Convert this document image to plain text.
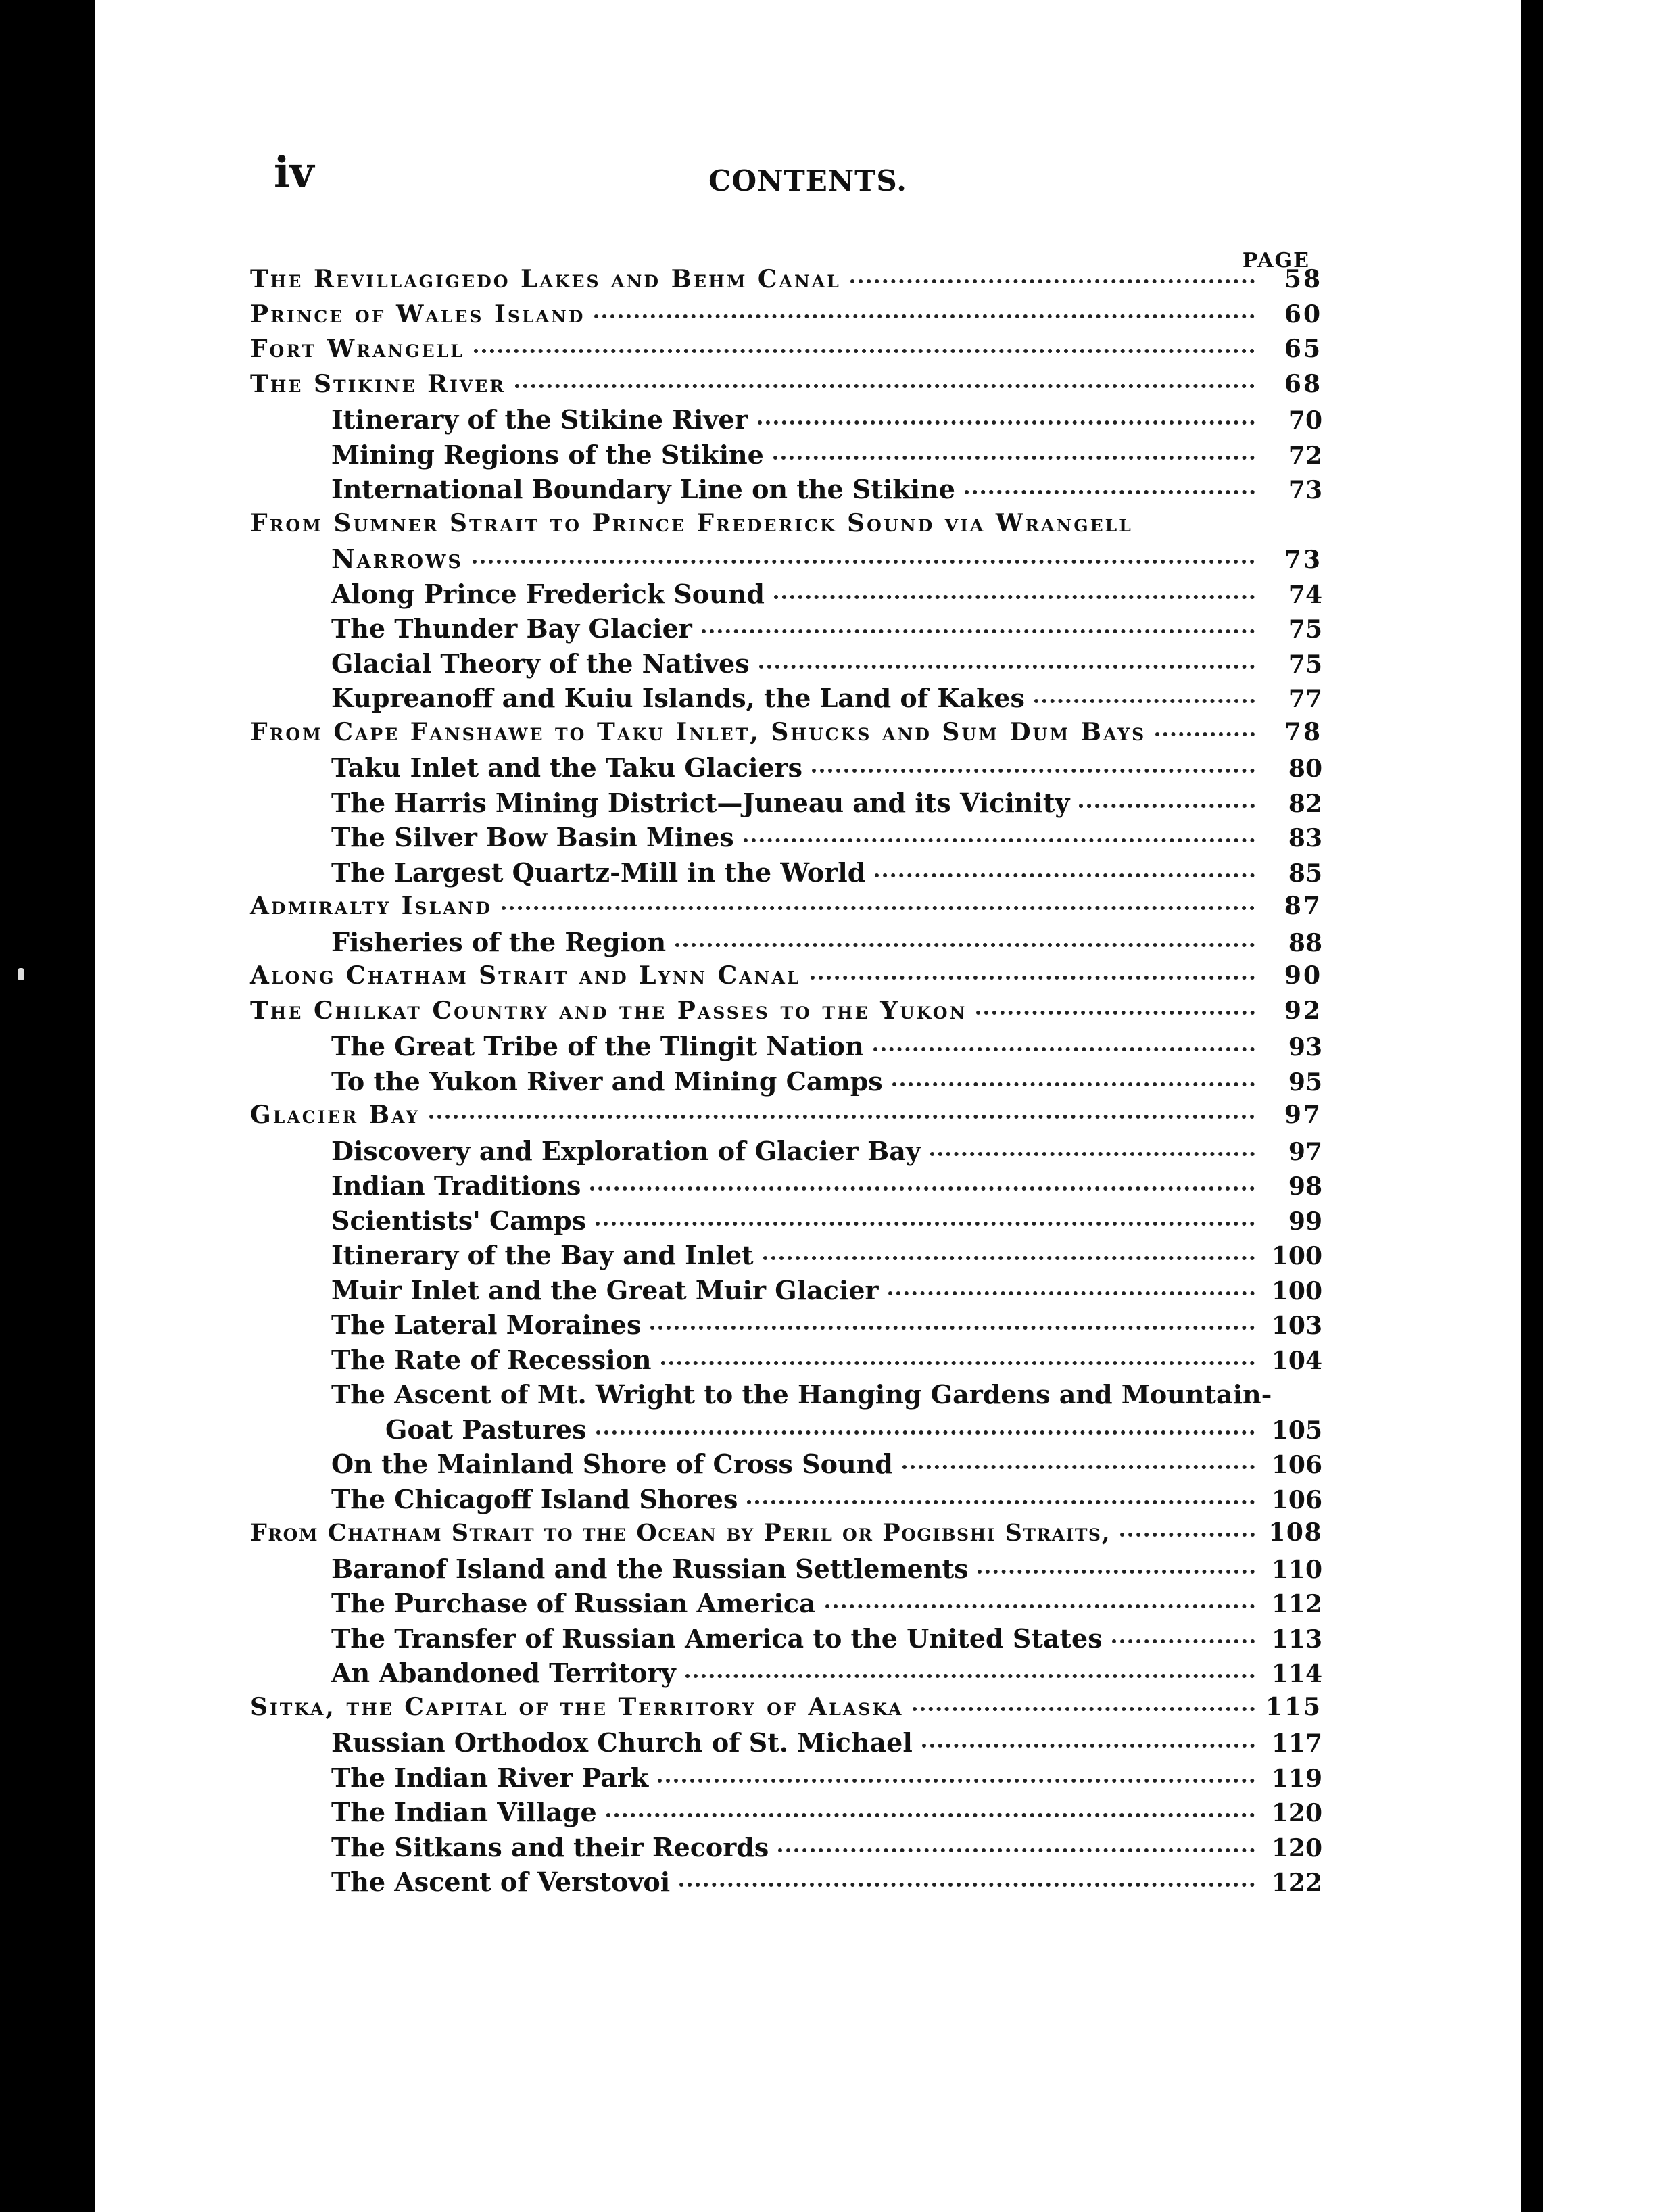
iv	CONTENTS.
PAGE
The Revillagigedo Lakes and Behm Canal	58
Prince of Wales Island	60
Fort Wrangell	65
The Stikine River	68
Itinerary of the Stikine River	70
Mining Regions of the Stikine	72
International Boundary Line on the Stikine	73
From Sumner Strait to Prince Frederick Sound via Wrangell
Narrows	73
Along Prince Frederick Sound	74
The Thunder Bay Glacier	75
Glacial Theory of the Natives	75
Kupreanoff and Kuiu Islands, the Land of Kakes	77
From Cape Fanshawe to Taku Inlet, Shucks and Sum Dum Bays	78
Taku Inlet and the Taku Glaciers	80
The Harris Mining District—Juneau and its Vicinity	82
The Silver Bow Basin Mines	83
The Largest Quartz-Mill in the World	85
Admiralty Island	87
Fisheries of the Region	88
Along Chatham Strait and Lynn Canal	90
The Chilkat Country and the Passes to the Yukon	92
The Great Tribe of the Tlingit Nation	93
To the Yukon River and Mining Camps	95
Glacier Bay	97
Discovery and Exploration of Glacier Bay	97
Indian Traditions	98
Scientists' Camps	99
Itinerary of the Bay and Inlet	100
Muir Inlet and the Great Muir Glacier	100
The Lateral Moraines	103
The Rate of Recession	104
The Ascent of Mt. Wright to the Hanging Gardens and Mountain-
Goat Pastures	105
On the Mainland Shore of Cross Sound	106
The Chicagoff Island Shores	106
From Chatham Strait to the Ocean by Peril or Pogibshi Straits,	108
Baranof Island and the Russian Settlements	110
The Purchase of Russian America	112
The Transfer of Russian America to the United States	113
An Abandoned Territory	114
Sitka, the Capital of the Territory of Alaska	115
Russian Orthodox Church of St. Michael	117
The Indian River Park	119
The Indian Village	120
The Sitkans and their Records	120
The Ascent of Verstovoi	122
